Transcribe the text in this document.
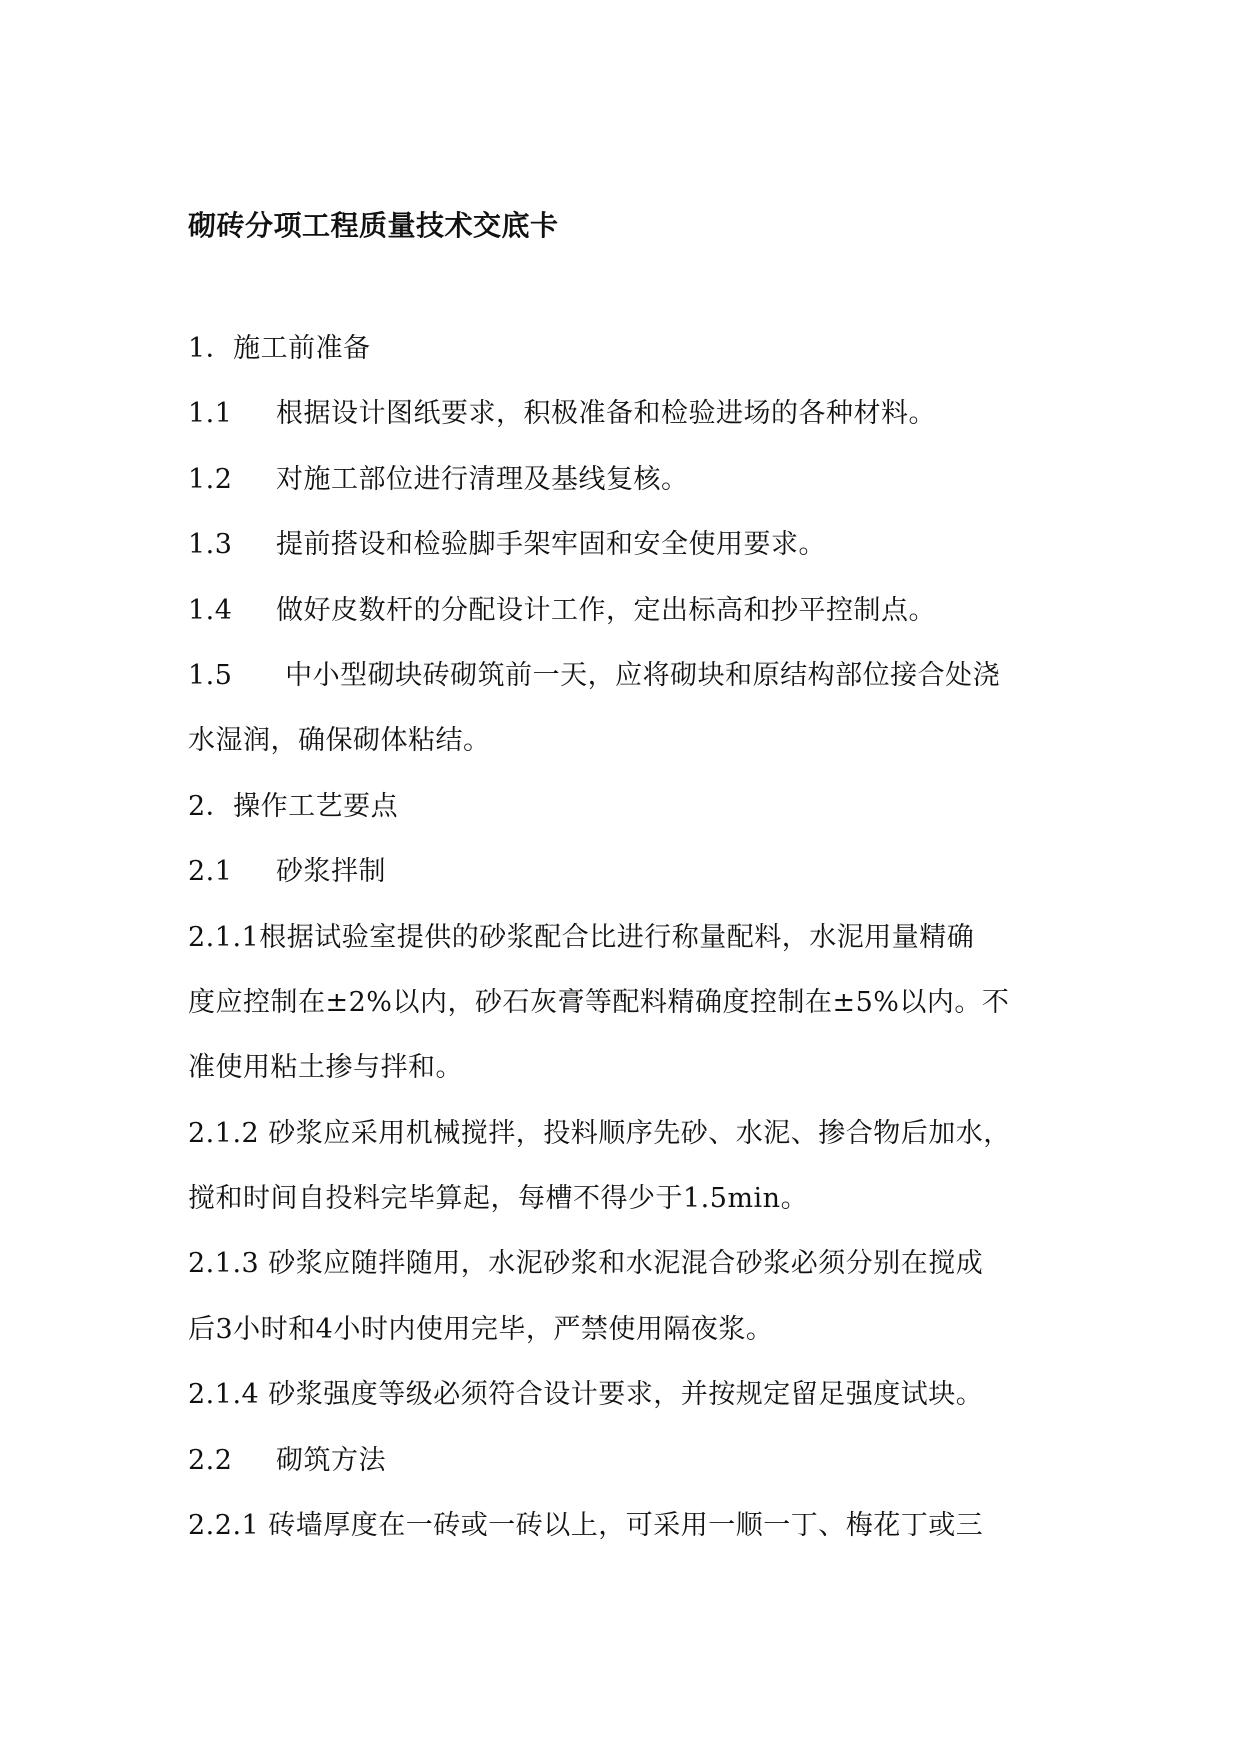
砌砖分项工程质量技术交底卡
1．施工前准备
1.1 根据设计图纸要求，积极准备和检验进场的各种材料。
1.2 对施工部位进行清理及基线复核。
1.3 提前搭设和检验脚手架牢固和安全使用要求。
1.4 做好皮数杆的分配设计工作，定出标高和抄平控制点。
1.5 中小型砌块砖砌筑前一天，应将砌块和原结构部位接合处浇
水湿润，确保砌体粘结。
2．操作工艺要点
2.1 砂浆拌制
2.1.1根据试验室提供的砂浆配合比进行称量配料，水泥用量精确
度应控制在±2%以内，砂石灰膏等配料精确度控制在±5%以内。不
准使用粘土掺与拌和。
2.1.2 砂浆应采用机械搅拌，投料顺序先砂、水泥、掺合物后加水，
搅和时间自投料完毕算起，每槽不得少于1.5min。
2.1.3 砂浆应随拌随用，水泥砂浆和水泥混合砂浆必须分别在搅成
后3小时和4小时内使用完毕，严禁使用隔夜浆。
2.1.4 砂浆强度等级必须符合设计要求，并按规定留足强度试块。
2.2 砌筑方法
2.2.1 砖墙厚度在一砖或一砖以上，可采用一顺一丁、梅花丁或三
